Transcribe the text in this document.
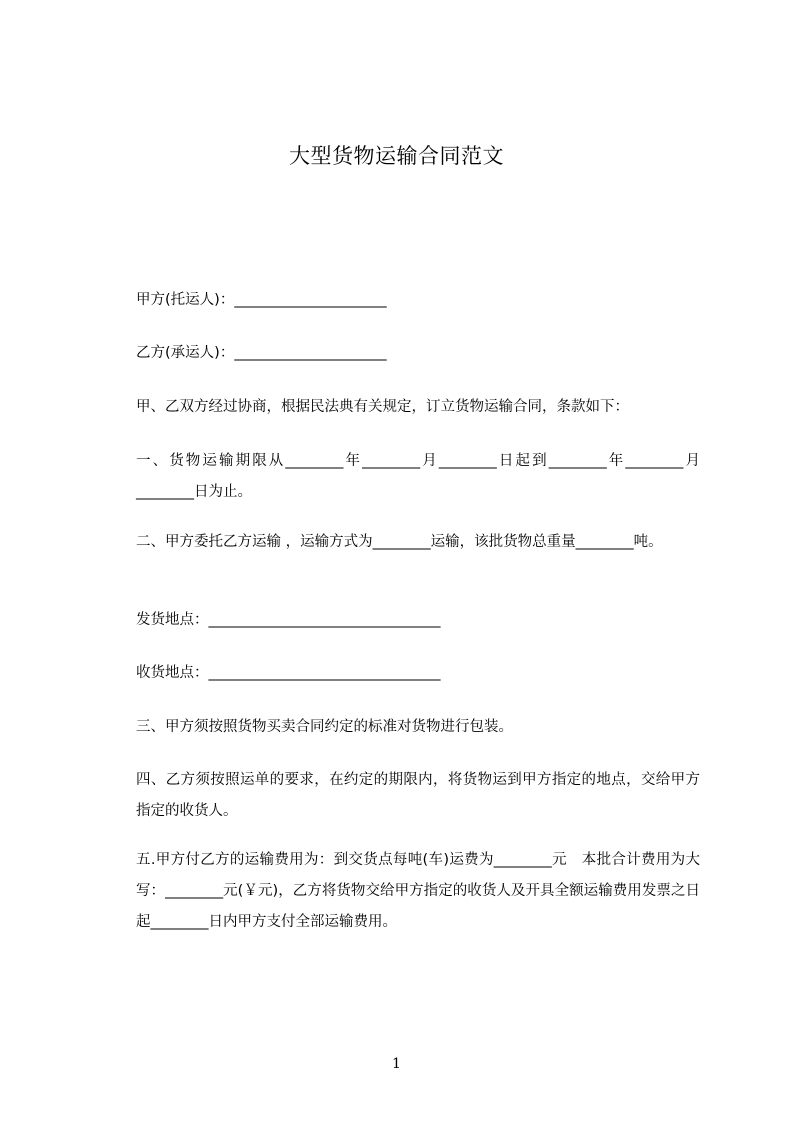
大型货物运输合同范文

甲方(托运人)：_____________________

乙方(承运人)：_____________________

甲、乙双方经过协商，根据民法典有关规定，订立货物运输合同，条款如下：

一、货物运输期限从________年________月________日起到________年________月________日为止。

二、甲方委托乙方运输 ，运输方式为________运输，该批货物总重量________吨。

发货地点：________________________________

收货地点：________________________________

三、甲方须按照货物买卖合同约定的标准对货物进行包装。

四、乙方须按照运单的要求，在约定的期限内，将货物运到甲方指定的地点，交给甲方指定的收货人。

五.甲方付乙方的运输费用为：到交货点每吨(车)运费为________元　本批合计费用为大写：________元(￥元)，乙方将货物交给甲方指定的收货人及开具全额运输费用发票之日起________日内甲方支付全部运输费用。

1
